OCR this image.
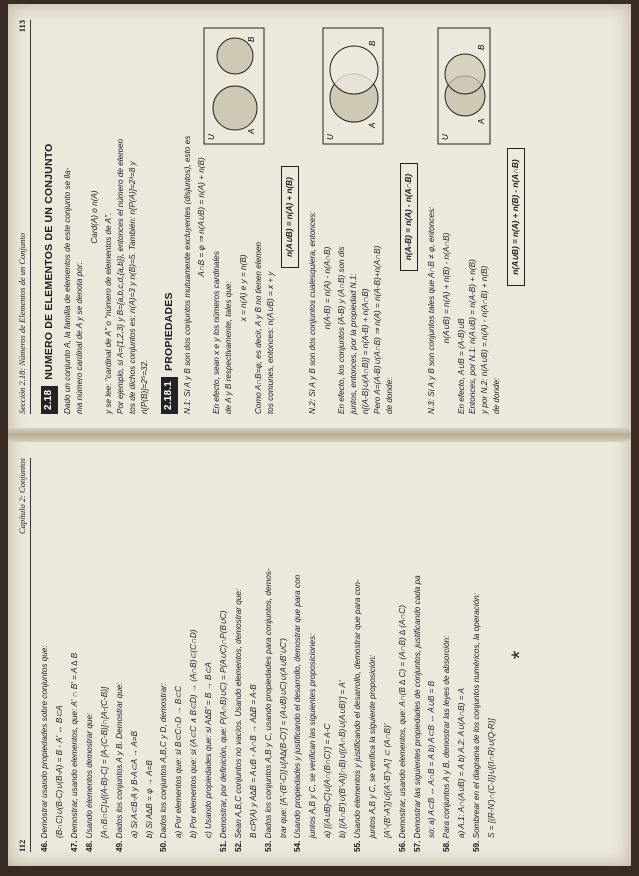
Sección 2.18: Números de Elementos de un Conjunto
113
2.18
NUMERO DE ELEMENTOS DE UN CONJUNTO Dado un conjunto A, la familia de elementos de este conjunto se lla- ma número cardinal de A y se denota por:
Card(A) o n(A) y se lee: "cardinal de A" o "número de elementos de A". Por ejemplo, si A={1,2,3} y B={a,b,c,d,{a,b}}, entonces el número de elemen tos de dichos conjuntos es: n(A)=3 y n(B)=5. También: n[P(A)]=2³=8 y n[P(B)]=2⁵=32. 2.18.1
PROPIEDADES N.1: Si A y B son dos conjuntos mutuamente excluyentes (disjuntos), esto es A∩B = φ ⇒ n(A∪B) = n(A) + n(B)
En efecto, sean x e y los números cardinales de A y B respectivamente, tales que: x = n(A) e y = n(B) Como A∩B=φ, es decir, A y B no tienen elemen tos comunes, entonces: n(A∪B) = x + y
U
A
B
n(A∪B) = n(A) + n(B)	N.2: Si A y B son dos conjuntos cualesquiera, entonces: n(A-B) = n(A) - n(A∩B) En efecto, los conjuntos (A-B) y (A∩B) son dis juntos, entonces, por la propiedad N.1: n[(A-B)∪(A∩B)] = n(A-B) + n(A∩B) Pero A=(A-B)∪(A∩B) ⇒ n(A) = n(A-B)+n(A∩B) de donde:
U
A
B
n(A-B) = n(A) - n(A∩B)	N.3: Si A y B son conjuntos tales que A∩B ≠ φ, entonces: n(A∪B) = n(A) + n(B) - n(A∩B)
En efecto, A∪B = (A-B)∪B Entonces, por N.1: n(A∪B) = n(A-B) + n(B) y por N.2: n(A∪B) = n(A) - n(A∩B) + n(B) de donde:
U
A
B
n(A∪B) = n(A) + n(B) - n(A∩B)
112
Capítulo 2: Conjuntos
46. Demostrar usando propiedades sobre conjuntos que: (B∩C)∪(B-C)∪(B-A) = B - A' ↔ B⊂A
47. Demostrar, usando elementos, que: A' ∩ B' = A ∆ B
48. Usando elementos demostrar que: [A∩B∩C]∪[(A-B)-C] = [A-(C-B)]∩[A-(C-B)]
49. Dados los conjuntos A y B. Demostrar que: a) Si A⊂B-A y B-A⊂A → A=B b) Si A∆B = φ → A=B
50. Dados los conjuntos A,B,C y D, demostrar: a) Por elementos que: si B⊂C∩D → B⊂C b) Por elementos que: si (A⊂C ∧ B⊂D) → (A∩B)⊂(C∩D) c) Usando propiedades que: si A∆B' = B → B⊂A
51. Demostrar, por definición, que: P(A∩B)∪C) = P(A∪C)∩P(B∪C)
52. Sean A,B,C conjuntos no vacíos. Usando elementos, demostrar que: B⊂P(A) y A∆B = A∪B - A∩B → A∆B = A-B
53. Dados los conjuntos A,B y C, usando propiedades para conjuntos, demos- trar que: [A'-(B'-C)]∪[A∆(B-C)'] = (A∪B)∪C)∪(A∪B'∪C')
54. Usando propiedades y justificando el desarrollo, demostrar que para con juntos A,B y C, se verifican las siguientes proposiciones: a) [(A∪B)-C]∪[A∩(B∩C)'] = A-C b) [(A∩B')∪(B'-A)]∩B)∪[(A∩B)∪(A∪B)'] = A'
55. Usando elementos y justificando el desarrollo, demostrar que para con- juntos A,B y C, se verifica la siguiente proposición: [A'-(B'-A')]∪[(A'-B')-A'] ⊂ (A∩B)'
56. Demostrar, usando elementos, que: A∩(B ∆ C) = (A∩B) ∆ (A∩C)
57. Demostrar las siguientes propiedades de conjuntos, justificando cada pa so: a) A⊂B ↔ A∩B = A b) A⊂B ↔ A∪B = B
58. Para conjuntos A y B, demostrar las leyes de absorción: a) A.1: A∩(A∪B) = A b) A.2: A∪(A∩B) = A
59. Sombrear en el diagrama de los conjuntos numéricos, la operación: S = [(R-N')∩(C-I)]∪[(I∩R)∪(Q-R)]
*
